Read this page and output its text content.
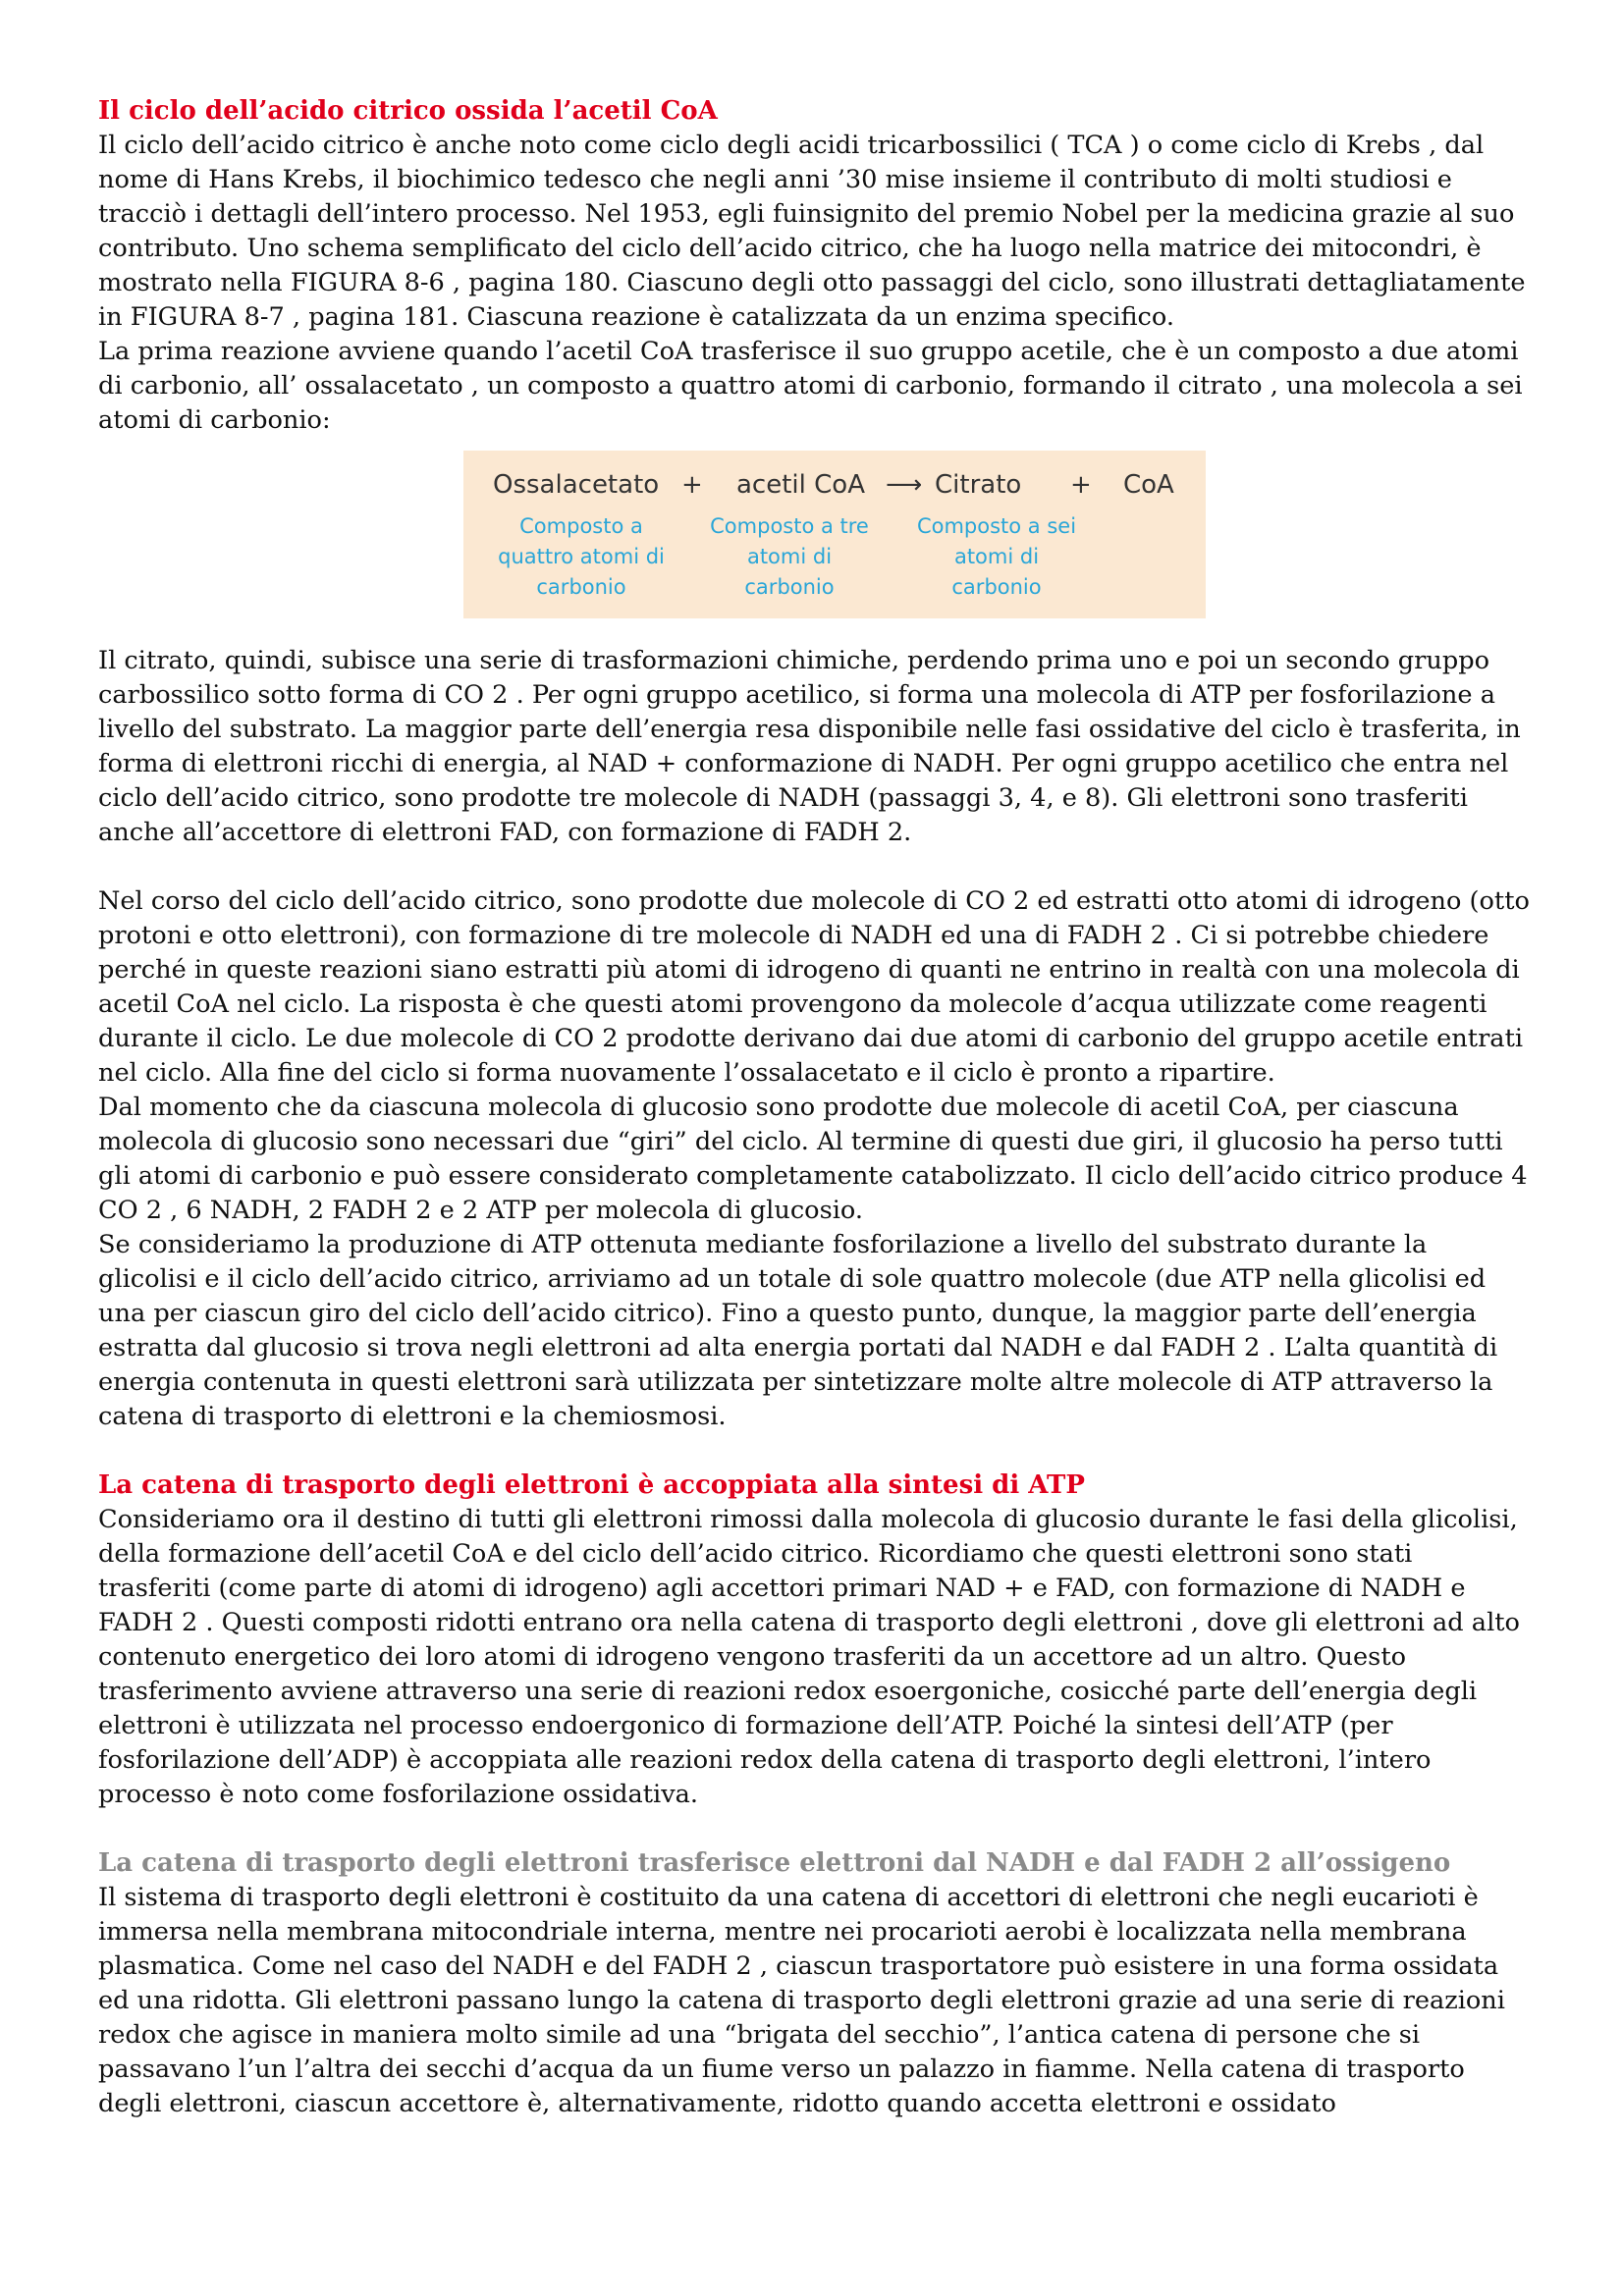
Il ciclo dell’acido citrico ossida l’acetil CoA

Il ciclo dell’acido citrico è anche noto come ciclo degli acidi tricarbossilici ( TCA ) o come ciclo di Krebs , dal nome di Hans Krebs, il biochimico tedesco che negli anni ’30 mise insieme il contributo di molti studiosi e tracciò i dettagli dell’intero processo. Nel 1953, egli fuinsignito del premio Nobel per la medicina grazie al suo contributo. Uno schema semplificato del ciclo dell’acido citrico, che ha luogo nella matrice dei mitocondri, è mostrato nella FIGURA 8-6 , pagina 180. Ciascuno degli otto passaggi del ciclo, sono illustrati dettagliatamente in FIGURA 8-7 , pagina 181. Ciascuna reazione è catalizzata da un enzima specifico.

La prima reazione avviene quando l’acetil CoA trasferisce il suo gruppo acetile, che è un composto a due atomi di carbonio, all’ ossalacetato , un composto a quattro atomi di carbonio, formando il citrato , una molecola a sei atomi di carbonio:

Ossalacetato + acetil CoA ⟶ Citrato + CoA
Composto a quattro atomi di carbonio
Composto a tre atomi di carbonio
Composto a sei atomi di carbonio

Il citrato, quindi, subisce una serie di trasformazioni chimiche, perdendo prima uno e poi un secondo gruppo carbossilico sotto forma di CO 2 . Per ogni gruppo acetilico, si forma una molecola di ATP per fosforilazione a livello del substrato. La maggior parte dell’energia resa disponibile nelle fasi ossidative del ciclo è trasferita, in forma di elettroni ricchi di energia, al NAD + conformazione di NADH. Per ogni gruppo acetilico che entra nel ciclo dell’acido citrico, sono prodotte tre molecole di NADH (passaggi 3, 4, e 8). Gli elettroni sono trasferiti anche all’accettore di elettroni FAD, con formazione di FADH 2.

Nel corso del ciclo dell’acido citrico, sono prodotte due molecole di CO 2 ed estratti otto atomi di idrogeno (otto protoni e otto elettroni), con formazione di tre molecole di NADH ed una di FADH 2 . Ci si potrebbe chiedere perché in queste reazioni siano estratti più atomi di idrogeno di quanti ne entrino in realtà con una molecola di acetil CoA nel ciclo. La risposta è che questi atomi provengono da molecole d’acqua utilizzate come reagenti durante il ciclo. Le due molecole di CO 2 prodotte derivano dai due atomi di carbonio del gruppo acetile entrati nel ciclo. Alla fine del ciclo si forma nuovamente l’ossalacetato e il ciclo è pronto a ripartire.

Dal momento che da ciascuna molecola di glucosio sono prodotte due molecole di acetil CoA, per ciascuna molecola di glucosio sono necessari due “giri” del ciclo. Al termine di questi due giri, il glucosio ha perso tutti gli atomi di carbonio e può essere considerato completamente catabolizzato. Il ciclo dell’acido citrico produce 4 CO 2 , 6 NADH, 2 FADH 2 e 2 ATP per molecola di glucosio.

Se consideriamo la produzione di ATP ottenuta mediante fosforilazione a livello del substrato durante la glicolisi e il ciclo dell’acido citrico, arriviamo ad un totale di sole quattro molecole (due ATP nella glicolisi ed una per ciascun giro del ciclo dell’acido citrico). Fino a questo punto, dunque, la maggior parte dell’energia estratta dal glucosio si trova negli elettroni ad alta energia portati dal NADH e dal FADH 2 . L’alta quantità di energia contenuta in questi elettroni sarà utilizzata per sintetizzare molte altre molecole di ATP attraverso la catena di trasporto di elettroni e la chemiosmosi.

La catena di trasporto degli elettroni è accoppiata alla sintesi di ATP

Consideriamo ora il destino di tutti gli elettroni rimossi dalla molecola di glucosio durante le fasi della glicolisi, della formazione dell’acetil CoA e del ciclo dell’acido citrico. Ricordiamo che questi elettroni sono stati trasferiti (come parte di atomi di idrogeno) agli accettori primari NAD + e FAD, con formazione di NADH e FADH 2 . Questi composti ridotti entrano ora nella catena di trasporto degli elettroni , dove gli elettroni ad alto contenuto energetico dei loro atomi di idrogeno vengono trasferiti da un accettore ad un altro. Questo trasferimento avviene attraverso una serie di reazioni redox esoergoniche, cosicché parte dell’energia degli elettroni è utilizzata nel processo endoergonico di formazione dell’ATP. Poiché la sintesi dell’ATP (per fosforilazione dell’ADP) è accoppiata alle reazioni redox della catena di trasporto degli elettroni, l’intero processo è noto come fosforilazione ossidativa.

La catena di trasporto degli elettroni trasferisce elettroni dal NADH e dal FADH 2 all’ossigeno

Il sistema di trasporto degli elettroni è costituito da una catena di accettori di elettroni che negli eucarioti è immersa nella membrana mitocondriale interna, mentre nei procarioti aerobi è localizzata nella membrana plasmatica. Come nel caso del NADH e del FADH 2 , ciascun trasportatore può esistere in una forma ossidata ed una ridotta. Gli elettroni passano lungo la catena di trasporto degli elettroni grazie ad una serie di reazioni redox che agisce in maniera molto simile ad una “brigata del secchio”, l’antica catena di persone che si passavano l’un l’altra dei secchi d’acqua da un fiume verso un palazzo in fiamme. Nella catena di trasporto degli elettroni, ciascun accettore è, alternativamente, ridotto quando accetta elettroni e ossidato
